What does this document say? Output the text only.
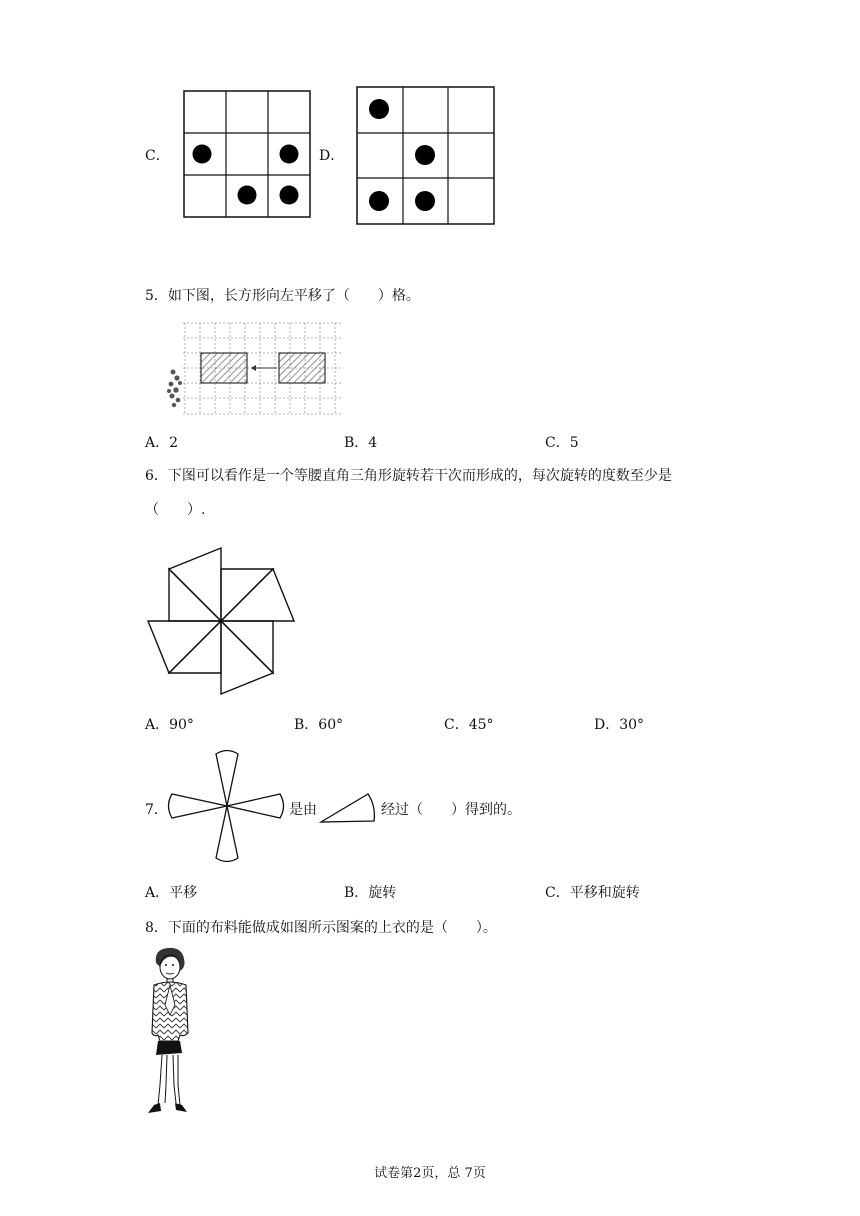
C．	D．
5．如下图，长方形向左平移了（　　）格。
A．2	B．4	C．5
6．下图可以看作是一个等腰直角三角形旋转若干次而形成的，每次旋转的度数至少是
（　　）.
A．90°	B．60°	C．45°	D．30°
7．	是由	经过（　　）得到的。
A．平移	B．旋转	C．平移和旋转
8．下面的布料能做成如图所示图案的上衣的是（　　）。
试卷第2页，总 7页
